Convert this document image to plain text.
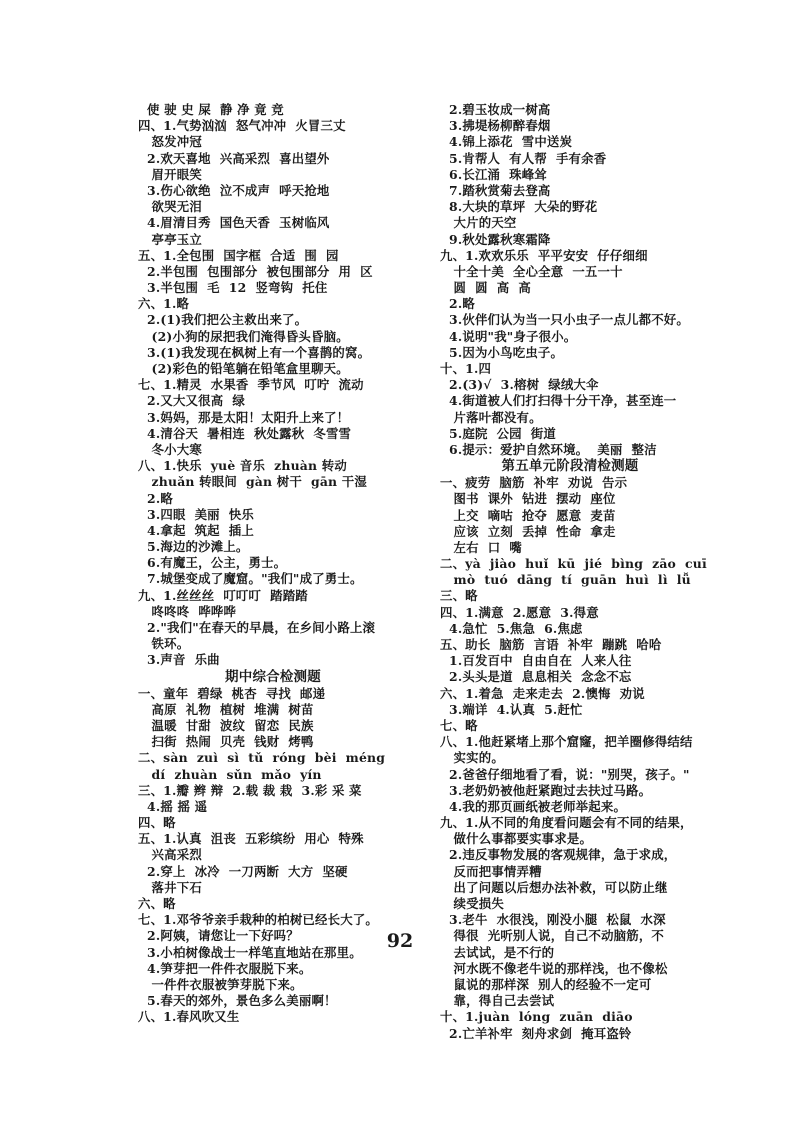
使 驶 史 屎  静 净 竟 竞
四、1.气势汹汹  怒气冲冲  火冒三丈
怒发冲冠
2.欢天喜地  兴高采烈  喜出望外
眉开眼笑
3.伤心欲绝  泣不成声  呼天抢地
欲哭无泪
4.眉清目秀  国色天香  玉树临风
亭亭玉立
五、1.全包围  国字框  合适  围  园
2.半包围  包围部分  被包围部分  用  区
3.半包围  毛  12  竖弯钩  托住
六、1.略
2.(1)我们把公主救出来了。
(2)小狗的尿把我们淹得昏头昏脑。
3.(1)我发现在枫树上有一个喜鹊的窝。
(2)彩色的铅笔躺在铅笔盒里聊天。
七、1.精灵  水果香  季节风  叮咛  流动
2.又大又很高  绿
3.妈妈，那是太阳！太阳升上来了！
4.清谷天  暑相连  秋处露秋  冬雪雪
冬小大寒
八、1.快乐  yuè 音乐  zhuàn 转动
zhuǎn 转眼间  gàn 树干  gān 干湿
2.略
3.四眼  美丽  快乐
4.拿起  筑起  插上
5.海边的沙滩上。
6.有魔王，公主，勇士。
7.城堡变成了魔窟。"我们"成了勇士。
九、1.丝丝丝  叮叮叮  踏踏踏
咚咚咚  哗哗哗
2."我们"在春天的早晨，在乡间小路上滚
铁环。
3.声音  乐曲
期中综合检测题
一、童年  碧绿  桃杏  寻找  邮递
高原  礼物  植树  堆满  树苗
温暖  甘甜  波纹  留恋  民族
扫街  热闹  贝壳  钱财  烤鸭
二、sàn  zuì  sì  tǔ  róng  bèi  méng
dí  zhuàn  sǔn  mǎo  yín
三、1.瓣 辫 辩  2.载 裁 栽  3.彩 采 菜
4.摇 摇 遥
四、略
五、1.认真  沮丧  五彩缤纷  用心  特殊
兴高采烈
2.穿上  冰冷  一刀两断  大方  坚硬
落井下石
六、略
七、1.邓爷爷亲手栽种的柏树已经长大了。
2.阿姨，请您让一下好吗？
3.小柏树像战士一样笔直地站在那里。
4.笋芽把一件件衣服脱下来。
一件件衣服被笋芽脱下来。
5.春天的郊外，景色多么美丽啊！
八、1.春风吹又生
2.碧玉妆成一树高
3.拂堤杨柳醉春烟
4.锦上添花  雪中送炭
5.肯帮人  有人帮  手有余香
6.长江涌  珠峰耸
7.踏秋赏菊去登高
8.大块的草坪  大朵的野花
大片的天空
9.秋处露秋寒霜降
九、1.欢欢乐乐  平平安安  仔仔细细
十全十美  全心全意  一五一十
圆  圆  高  高
2.略
3.伙伴们认为当一只小虫子一点儿都不好。
4.说明"我"身子很小。
5.因为小鸟吃虫子。
十、1.四
2.(3)√  3.榕树  绿绒大伞
4.街道被人们打扫得十分干净，甚至连一
片落叶都没有。
5.庭院  公园  街道
6.提示：爱护自然环境。  美丽  整洁
第五单元阶段清检测题
一、疲劳  脑筋  补牢  劝说  告示
图书  课外  钻进  摆动  座位
上交  嘀咕  抢夺  愿意  麦苗
应该  立刻  丢掉  性命  拿走
左右  口  嘴
二、yà  jiào  huǐ  kū  jié  bìng  zāo  cuī
mò  tuó  dāng  tí  guān  huì  lì  lǚ
三、略
四、1.满意  2.愿意  3.得意
4.急忙  5.焦急  6.焦虑
五、助长  脑筋  言语  补牢  蹦跳  哈哈
1.百发百中  自由自在  人来人往
2.头头是道  息息相关  念念不忘
六、1.着急  走来走去  2.懊悔  劝说
3.端详  4.认真  5.赶忙
七、略
八、1.他赶紧堵上那个窟窿，把羊圈修得结结
实实的。
2.爸爸仔细地看了看，说："别哭，孩子。"
3.老奶奶被他赶紧跑过去扶过马路。
4.我的那页画纸被老师举起来。
九、1.从不同的角度看问题会有不同的结果，
做什么事都要实事求是。
2.违反事物发展的客观规律，急于求成，
反而把事情弄糟
出了问题以后想办法补救，可以防止继
续受损失
3.老牛  水很浅，刚没小腿  松鼠  水深
得很  光听别人说，自己不动脑筋，不
去试试，是不行的
河水既不像老牛说的那样浅，也不像松
鼠说的那样深  别人的经验不一定可
靠，得自己去尝试
十、1.juàn  lóng  zuān  diāo
2.亡羊补牢  刻舟求剑  掩耳盗铃
92
